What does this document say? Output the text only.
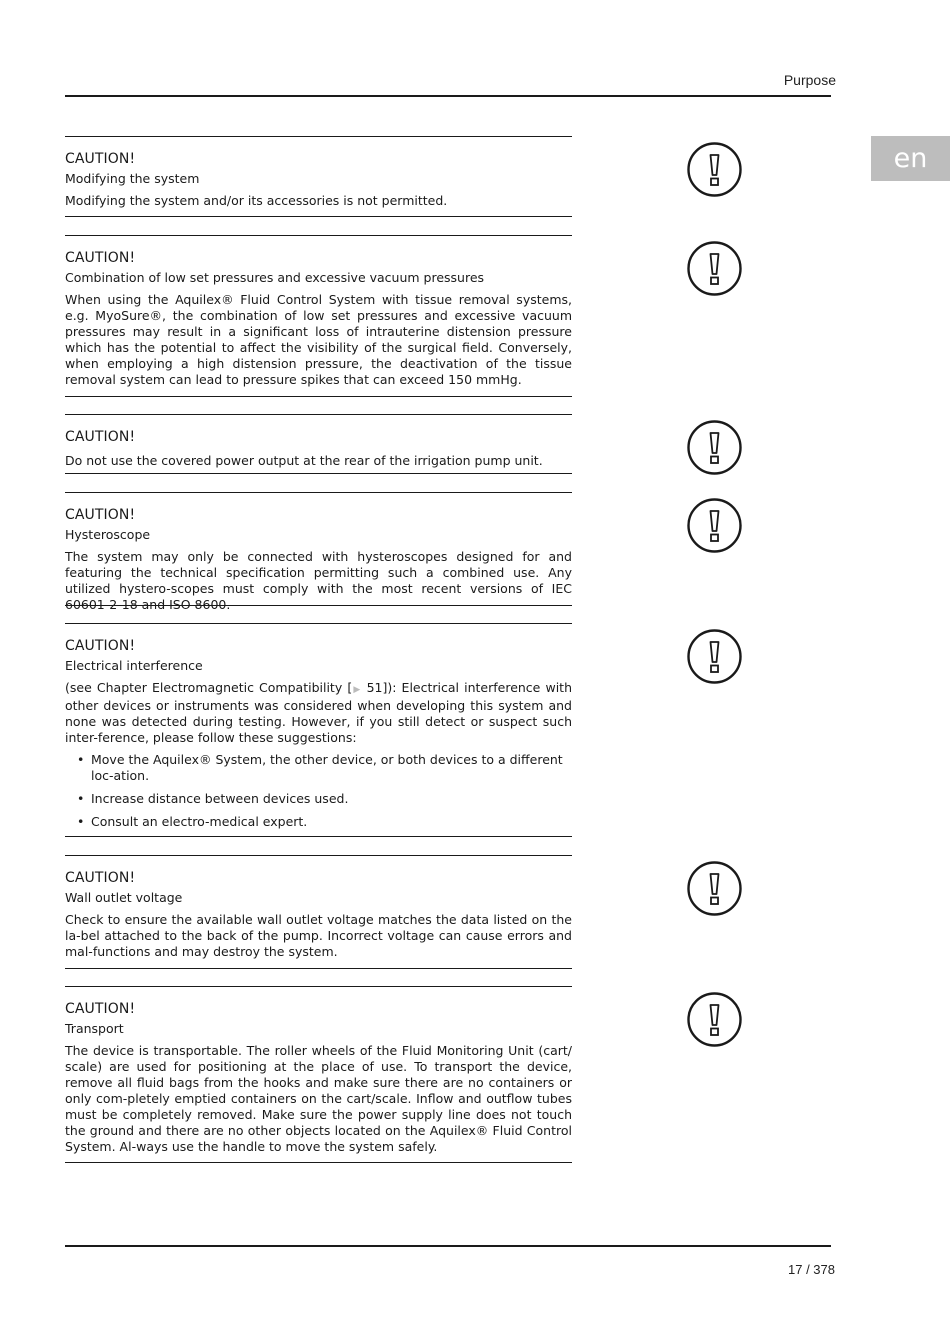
Purpose
en
CAUTION!
Modifying the system
Modifying the system and/or its accessories is not permitted.
CAUTION!
Combination of low set pressures and excessive vacuum pressures
When using the Aquilex® Fluid Control System with tissue removal systems, e.g. MyoSure®, the combination of low set pressures and excessive vacuum pressures may result in a significant loss of intrauterine distension pressure which has the potential to affect the visibility of the surgical field. Conversely, when employing a high distension pressure, the deactivation of the tissue removal system can lead to pressure spikes that can exceed 150 mmHg.
CAUTION!
Do not use the covered power output at the rear of the irrigation pump unit.
CAUTION!
Hysteroscope
The system may only be connected with hysteroscopes designed for and featuring the technical specification permitting such a combined use. Any utilized hystero-scopes must comply with the most recent versions of IEC 60601-2-18 and ISO 8600.
CAUTION!
Electrical interference
(see Chapter Electromagnetic Compatibility [▶ 51]): Electrical interference with other devices or instruments was considered when developing this system and none was detected during testing. However, if you still detect or suspect such inter-ference, please follow these suggestions:
• Move the Aquilex® System, the other device, or both devices to a different loc-ation.
• Increase distance between devices used.
• Consult an electro-medical expert.
CAUTION!
Wall outlet voltage
Check to ensure the available wall outlet voltage matches the data listed on the la-bel attached to the back of the pump. Incorrect voltage can cause errors and mal-functions and may destroy the system.
CAUTION!
Transport
The device is transportable. The roller wheels of the Fluid Monitoring Unit (cart/ scale) are used for positioning at the place of use. To transport the device, remove all fluid bags from the hooks and make sure there are no containers or only com-pletely emptied containers on the cart/scale. Inflow and outflow tubes must be completely removed. Make sure the power supply line does not touch the ground and there are no other objects located on the Aquilex® Fluid Control System. Al-ways use the handle to move the system safely.
17 / 378
